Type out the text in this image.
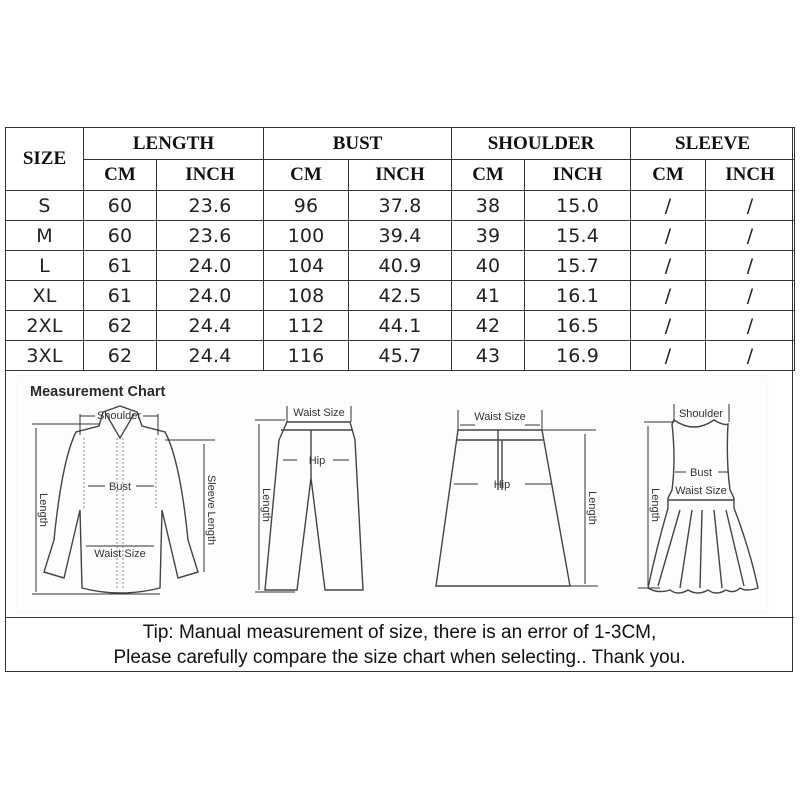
SIZE	LENGTH		BUST		SHOULDER		SLEEVE	
	CM	INCH	CM	INCH	CM	INCH	CM	INCH
S	60	23.6	96	37.8	38	15.0	/	/
M	60	23.6	100	39.4	39	15.4	/	/
L	61	24.0	104	40.9	40	15.7	/	/
XL	61	24.0	108	42.5	41	16.1	/	/
2XL	62	24.4	112	44.1	42	16.5	/	/
3XL	62	24.4	116	45.7	43	16.9	/	/
Measurement Chart
Shoulder
Bust
Waist Size
Length	Sleeve Length
Waist Size
Hip
Length
Waist Size
Hip
Length
Shoulder
Bust
Waist Size
Length
Tip: Manual measurement of size, there is an error of 1-3CM,
Please carefully compare the size chart when selecting.. Thank you.
